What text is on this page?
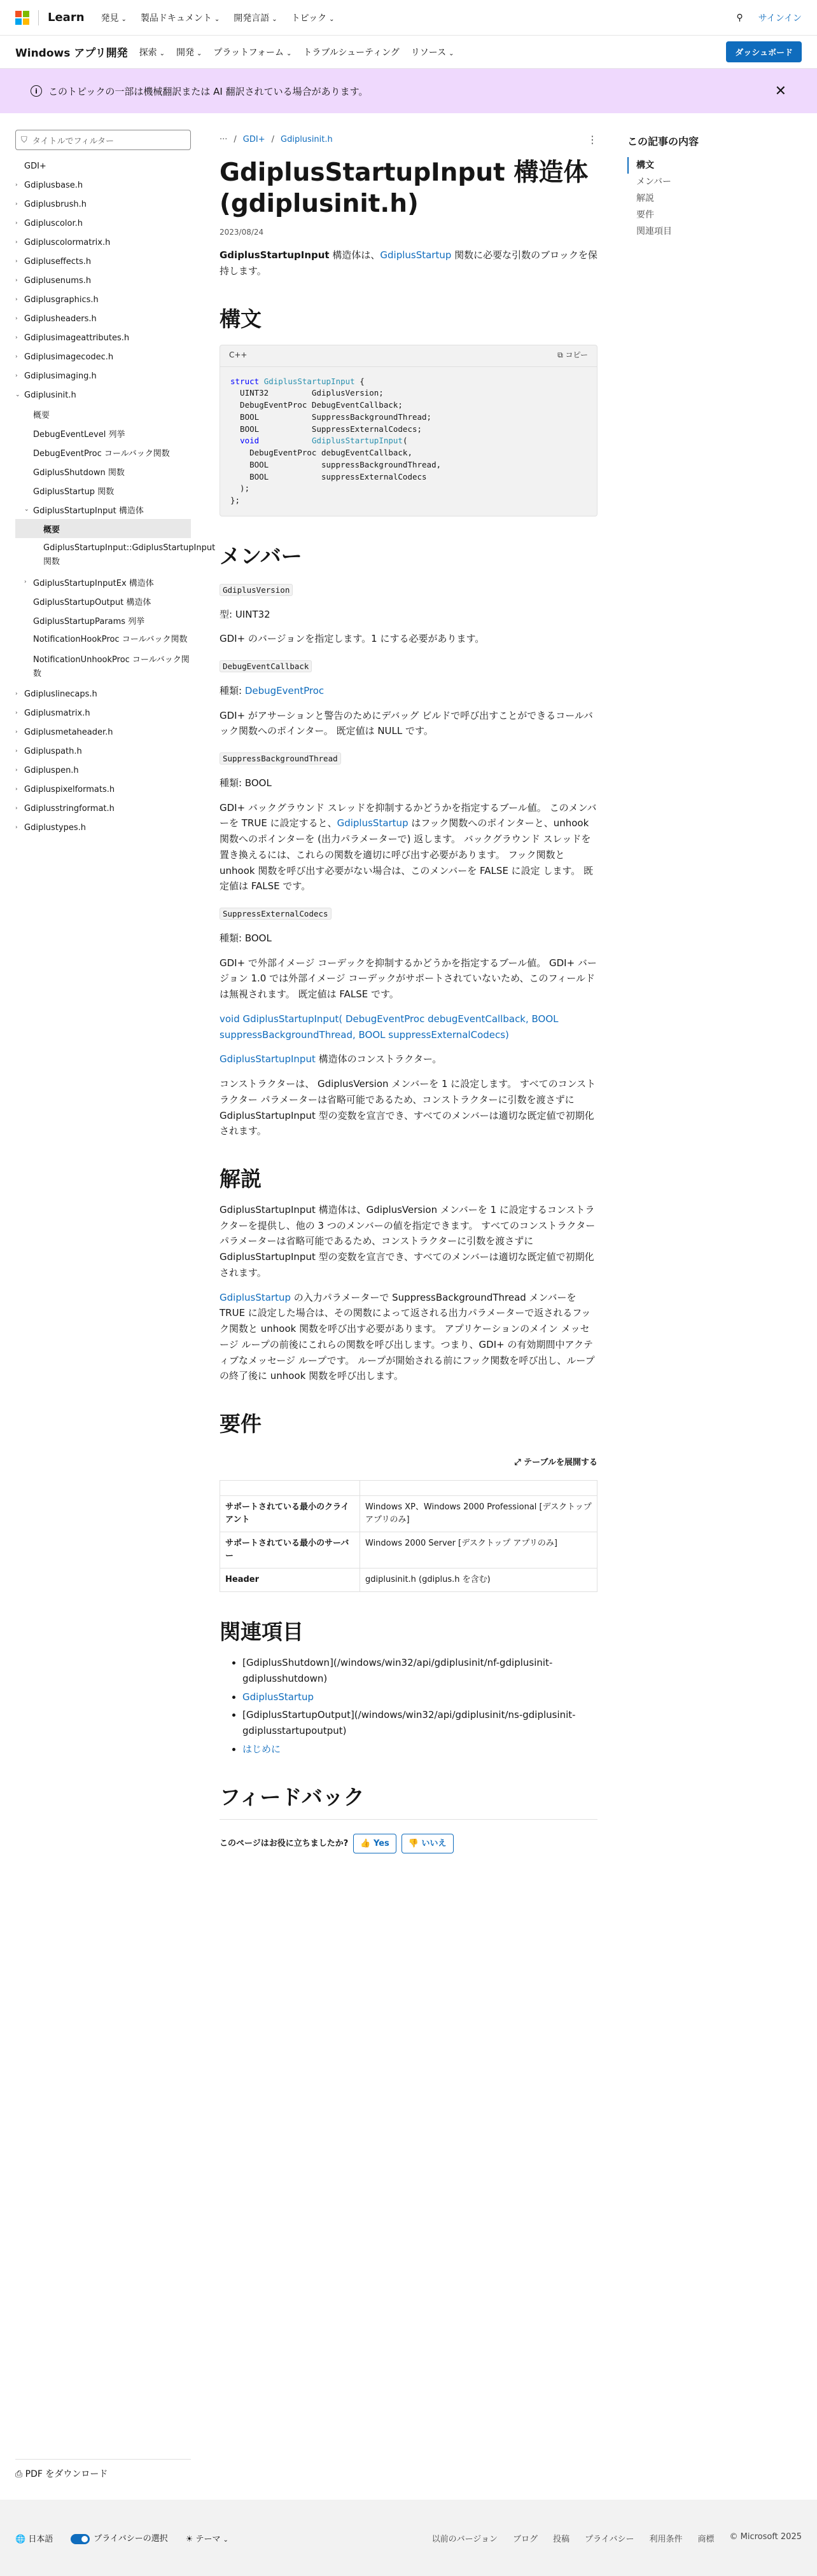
Learn 発見 ⌄ 製品ドキュメント ⌄ 開発言語 ⌄ トピック ⌄	⚲ サインイン
Windows アプリ開発 探索 ⌄ 開発 ⌄ プラットフォーム ⌄ トラブルシューティング リソース ⌄	ダッシュボード
i	このトピックの一部は機械翻訳または AI 翻訳されている場合があります。	✕
⛉ タイトルでフィルター
GDI+
› Gdiplusbase.h
› Gdiplusbrush.h
› Gdipluscolor.h
› Gdipluscolormatrix.h
› Gdipluseffects.h
› Gdiplusenums.h
› Gdiplusgraphics.h
› Gdiplusheaders.h
› Gdiplusimageattributes.h
› Gdiplusimagecodec.h
› Gdiplusimaging.h
⌄ Gdiplusinit.h
概要
DebugEventLevel 列挙
DebugEventProc コールバック関数
GdiplusShutdown 関数
GdiplusStartup 関数
⌄ GdiplusStartupInput 構造体
概要
GdiplusStartupInput::GdiplusStartupInput 関数
› GdiplusStartupInputEx 構造体
GdiplusStartupOutput 構造体
GdiplusStartupParams 列挙
NotificationHookProc コールバック関数
NotificationUnhookProc コールバック関数
› Gdipluslinecaps.h
› Gdiplusmatrix.h
› Gdiplusmetaheader.h
› Gdipluspath.h
› Gdipluspen.h
› Gdipluspixelformats.h
› Gdiplusstringformat.h
› Gdiplustypes.h
⎙ PDF をダウンロード
この記事の内容
構文
メンバー
解説
要件
関連項目
··· / GDI+ / Gdiplusinit.h	⋮
GdiplusStartupInput 構造体 (gdiplusinit.h)
2023/08/24

GdiplusStartupInput 構造体は、GdiplusStartup 関数に必要な引数のブロックを保持します。

構文
C++	⧉ コピー
struct GdiplusStartupInput {
UINT32         GdiplusVersion;
DebugEventProc DebugEventCallback;
BOOL           SuppressBackgroundThread;
BOOL           SuppressExternalCodecs;
void	GdiplusStartupInput(
DebugEventProc debugEventCallback,
BOOL           suppressBackgroundThread,
BOOL           suppressExternalCodecs
);
};
メンバー
GdiplusVersion

型: UINT32

GDI+ のバージョンを指定します。1 にする必要があります。

DebugEventCallback

種類: DebugEventProc

GDI+ がアサーションと警告のためにデバッグ ビルドで呼び出すことができるコールバック関数へのポインター。 既定値は NULL です。

SuppressBackgroundThread

種類: BOOL

GDI+ バックグラウンド スレッドを抑制するかどうかを指定するブール値。 このメンバーを TRUE に設定すると、GdiplusStartup はフック関数へのポインターと、unhook 関数へのポインターを (出力パラメーターで) 返します。 バックグラウンド スレッドを置き換えるには、これらの関数を適切に呼び出す必要があります。 フック関数と unhook 関数を呼び出す必要がない場合は、このメンバーを FALSE に設定 します。 既定値は FALSE です。

SuppressExternalCodecs

種類: BOOL

GDI+ で外部イメージ コーデックを抑制するかどうかを指定するブール値。 GDI+ バージョン 1.0 では外部イメージ コーデックがサポートされていないため、このフィールドは無視されます。 既定値は FALSE です。

void GdiplusStartupInput( DebugEventProc debugEventCallback, BOOL suppressBackgroundThread, BOOL suppressExternalCodecs)

GdiplusStartupInput 構造体のコンストラクター。

コンストラクターは、 GdiplusVersion メンバーを 1 に設定します。 すべてのコンストラクター パラメーターは省略可能であるため、コンストラクターに引数を渡さずに GdiplusStartupInput 型の変数を宣言でき、すべてのメンバーは適切な既定値で初期化されます。

解説

GdiplusStartupInput 構造体は、GdiplusVersion メンバーを 1 に設定するコンストラクターを提供し、他の 3 つのメンバーの値を指定できます。 すべてのコンストラクター パラメーターは省略可能であるため、コンストラクターに引数を渡さずに GdiplusStartupInput 型の変数を宣言でき、すべてのメンバーは適切な既定値で初期化されます。

GdiplusStartup の入力パラメーターで SuppressBackgroundThread メンバーを TRUE に設定した場合は、その関数によって返される出力パラメーターで返されるフック関数と unhook 関数を呼び出す必要があります。 アプリケーションのメイン メッセージ ループの前後にこれらの関数を呼び出します。つまり、GDI+ の有効期間中アクティブなメッセージ ループです。 ループが開始される前にフック関数を呼び出し、ループの終了後に unhook 関数を呼び出します。

要件
⤢ テーブルを展開する

サポートされている最小のクライアント	Windows XP、Windows 2000 Professional [デスクトップ アプリのみ]
サポートされている最小のサーバー	Windows 2000 Server [デスクトップ アプリのみ]
Header	gdiplusinit.h (gdiplus.h を含む)
関連項目
• [GdiplusShutdown](/windows/win32/api/gdiplusinit/nf-gdiplusinit-gdiplusshutdown)
• GdiplusStartup
• [GdiplusStartupOutput](/windows/win32/api/gdiplusinit/ns-gdiplusinit-gdiplusstartupoutput)
• はじめに
フィードバック
このページはお役に立ちましたか?	👍 Yes	👎 いいえ
🌐 日本語	プライバシーの選択 ☀ テーマ ⌄	以前のバージョン ブログ 投稿 プライバシー 利用条件 商標 © Microsoft 2025
